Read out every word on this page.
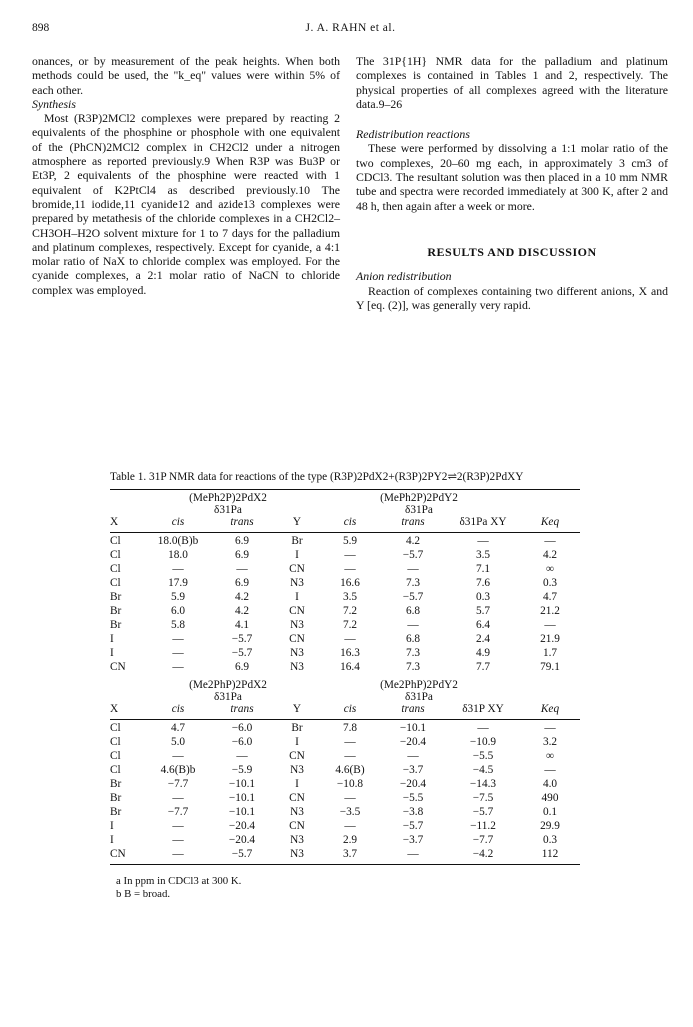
898	J. A. RAHN et al.

onances, or by measurement of the peak heights. When both methods could be used, the "k_eq" values were within 5% of each other.

Synthesis

Most (R3P)2MCl2 complexes were prepared by reacting 2 equivalents of the phosphine or phosphole with one equivalent of the (PhCN)2MCl2 complex in CH2Cl2 under a nitrogen atmosphere as reported previously.9 When R3P was Bu3P or Et3P, 2 equivalents of the phosphine were reacted with 1 equivalent of K2PtCl4 as described previously.10 The bromide,11 iodide,11 cyanide12 and azide13 complexes were prepared by metathesis of the chloride complexes in a CH2Cl2–CH3OH–H2O solvent mixture for 1 to 7 days for the palladium and platinum complexes, respectively. Except for cyanide, a 4:1 molar ratio of NaX to chloride complex was employed. For the cyanide complexes, a 2:1 molar ratio of NaCN to chloride complex was employed.

The 31P{1H} NMR data for the palladium and platinum complexes is contained in Tables 1 and 2, respectively. The physical properties of all complexes agreed with the literature data.9–26

Redistribution reactions

These were performed by dissolving a 1:1 molar ratio of the two complexes, 20–60 mg each, in approximately 3 cm3 of CDCl3. The resultant solution was then placed in a 10 mm NMR tube and spectra were recorded immediately at 300 K, after 2 and 48 h, then again after a week or more.

RESULTS AND DISCUSSION

Anion redistribution

Reaction of complexes containing two different anions, X and Y [eq. (2)], was generally very rapid.

Table 1. 31P NMR data for reactions of the type (R3P)2PdX2+(R3P)2PY2⇌2(R3P)2PdXY
(MePh2P)2PdX2	(MePh2P)2PdY2
δ31Pa	δ31Pa
X	cis	trans	Y	cis	trans	δ31Pa XY	Keq
Cl	18.0(B)b	6.9	Br	5.9	4.2	—	—
Cl	18.0	6.9	I	—	−5.7	3.5	4.2
Cl	—	—	CN	—	—	7.1	∞
Cl	17.9	6.9	N3	16.6	7.3	7.6	0.3
Br	5.9	4.2	I	3.5	−5.7	0.3	4.7
Br	6.0	4.2	CN	7.2	6.8	5.7	21.2
Br	5.8	4.1	N3	7.2	—	6.4	—
I	—	−5.7	CN	—	6.8	2.4	21.9
I	—	−5.7	N3	16.3	7.3	4.9	1.7
CN	—	6.9	N3	16.4	7.3	7.7	79.1
(Me2PhP)2PdX2	(Me2PhP)2PdY2
δ31Pa	δ31Pa
X	cis	trans	Y	cis	trans	δ31P XY	Keq
Cl	4.7	−6.0	Br	7.8	−10.1	—	—
Cl	5.0	−6.0	I	—	−20.4	−10.9	3.2
Cl	—	—	CN	—	—	−5.5	∞
Cl	4.6(B)b	−5.9	N3	4.6(B)	−3.7	−4.5	—
Br	−7.7	−10.1	I	−10.8	−20.4	−14.3	4.0
Br	—	−10.1	CN	—	−5.5	−7.5	490
Br	−7.7	−10.1	N3	−3.5	−3.8	−5.7	0.1
I	—	−20.4	CN	—	−5.7	−11.2	29.9
I	—	−20.4	N3	2.9	−3.7	−7.7	0.3
CN	—	−5.7	N3	3.7	—	−4.2	112
a In ppm in CDCl3 at 300 K.
b B = broad.
